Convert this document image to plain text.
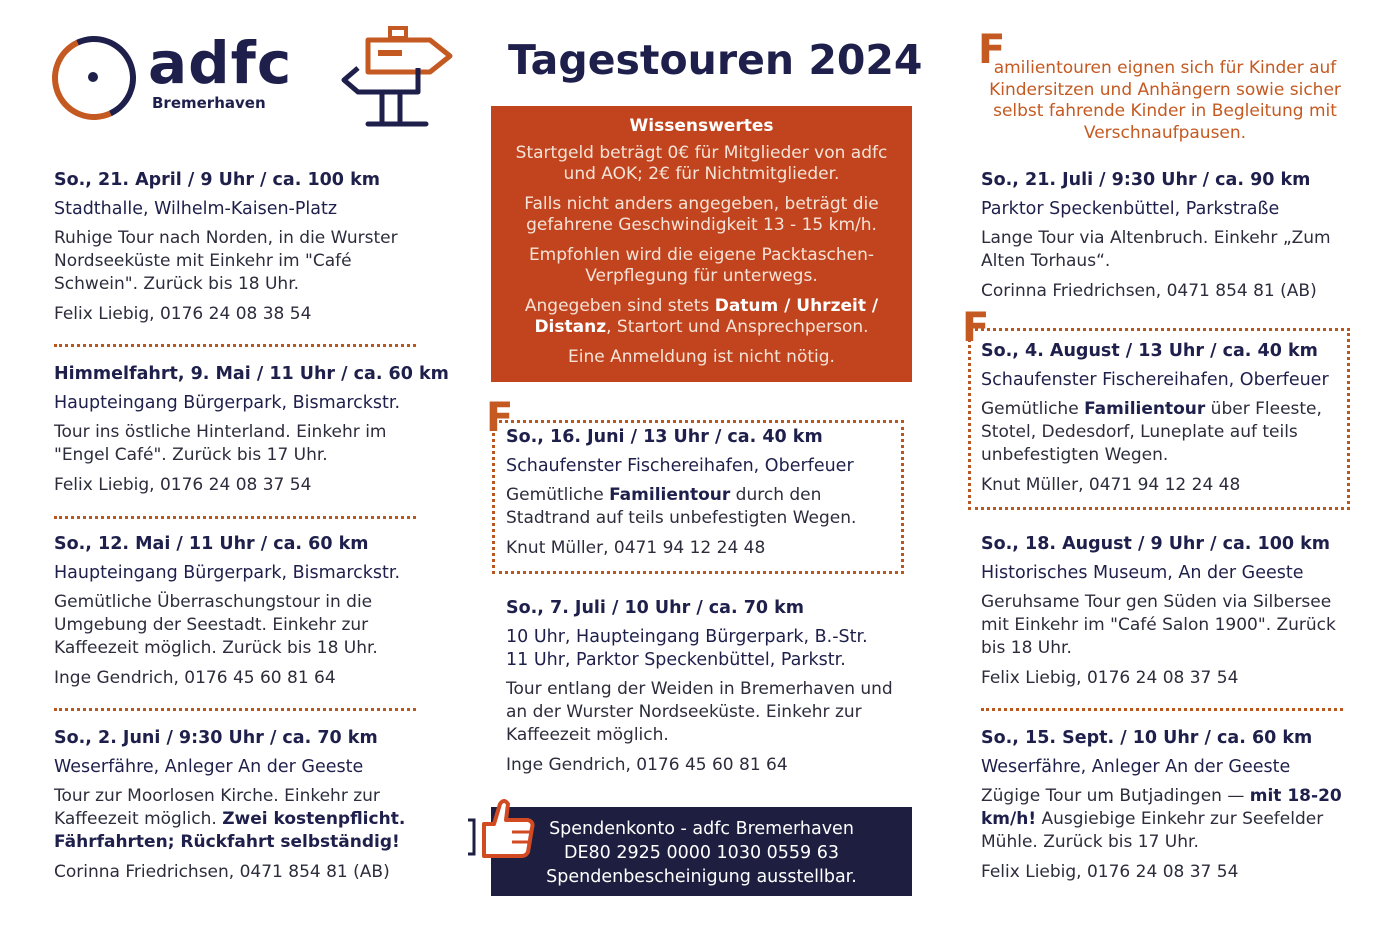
adfc
Bremerhaven
Tagestouren 2024
Wissenswertes

Startgeld beträgt 0€ für Mitglieder von adfc und AOK; 2€ für Nichtmitglieder.

Falls nicht anders angegeben, beträgt die gefahrene Geschwindigkeit 13 - 15 km/h.

Empfohlen wird die eigene Packtaschen-Verpflegung für unterwegs.

Angegeben sind stets Datum / Uhrzeit / Distanz, Startort und Ansprechperson.

Eine Anmeldung ist nicht nötig.

F
amilientouren eignen sich für Kinder auf Kindersitzen und Anhängern sowie sicher selbst fahrende Kinder in Begleitung mit Verschnaufpausen.
So., 21. April / 9 Uhr / ca. 100 km
Stadthalle, Wilhelm-Kaisen-Platz
Ruhige Tour nach Norden, in die Wurster Nordseeküste mit Einkehr im "Café Schwein". Zurück bis 18 Uhr.
Felix Liebig, 0176 24 08 38 54
Himmelfahrt, 9. Mai / 11 Uhr / ca. 60 km
Haupteingang Bürgerpark, Bismarckstr.
Tour ins östliche Hinterland. Einkehr im "Engel Café". Zurück bis 17 Uhr.
Felix Liebig, 0176 24 08 37 54
So., 12. Mai / 11 Uhr / ca. 60 km
Haupteingang Bürgerpark, Bismarckstr.
Gemütliche Überraschungstour in die Umgebung der Seestadt. Einkehr zur Kaffeezeit möglich. Zurück bis 18 Uhr.
Inge Gendrich, 0176 45 60 81 64
So., 2. Juni / 9:30 Uhr / ca. 70 km
Weserfähre, Anleger An der Geeste
Tour zur Moorlosen Kirche. Einkehr zur Kaffeezeit möglich. Zwei kostenpflicht. Fährfahrten; Rückfahrt selbständig!
Corinna Friedrichsen, 0471 854 81 (AB)
F
So., 16. Juni / 13 Uhr / ca. 40 km
Schaufenster Fischereihafen, Oberfeuer
Gemütliche Familientour durch den Stadtrand auf teils unbefestigten Wegen.
Knut Müller, 0471 94 12 24 48
So., 7. Juli / 10 Uhr / ca. 70 km
10 Uhr, Haupteingang Bürgerpark, B.-Str.
11 Uhr, Parktor Speckenbüttel, Parkstr.
Tour entlang der Weiden in Bremerhaven und an der Wurster Nordseeküste. Einkehr zur Kaffeezeit möglich.
Inge Gendrich, 0176 45 60 81 64
Spendenkonto - adfc Bremerhaven
DE80 2925 0000 1030 0559 63
Spendenbescheinigung ausstellbar.
So., 21. Juli / 9:30 Uhr / ca. 90 km
Parktor Speckenbüttel, Parkstraße
Lange Tour via Altenbruch. Einkehr „Zum Alten Torhaus“.
Corinna Friedrichsen, 0471 854 81 (AB)
F
So., 4. August / 13 Uhr / ca. 40 km
Schaufenster Fischereihafen, Oberfeuer
Gemütliche Familientour über Fleeste, Stotel, Dedesdorf, Luneplate auf teils unbefestigten Wegen.
Knut Müller, 0471 94 12 24 48
So., 18. August / 9 Uhr / ca. 100 km
Historisches Museum, An der Geeste
Geruhsame Tour gen Süden via Silbersee mit Einkehr im "Café Salon 1900". Zurück bis 18 Uhr.
Felix Liebig, 0176 24 08 37 54
So., 15. Sept. / 10 Uhr / ca. 60 km
Weserfähre, Anleger An der Geeste
Zügige Tour um Butjadingen — mit 18-20 km/h! Ausgiebige Einkehr zur Seefelder Mühle. Zurück bis 17 Uhr.
Felix Liebig, 0176 24 08 37 54
